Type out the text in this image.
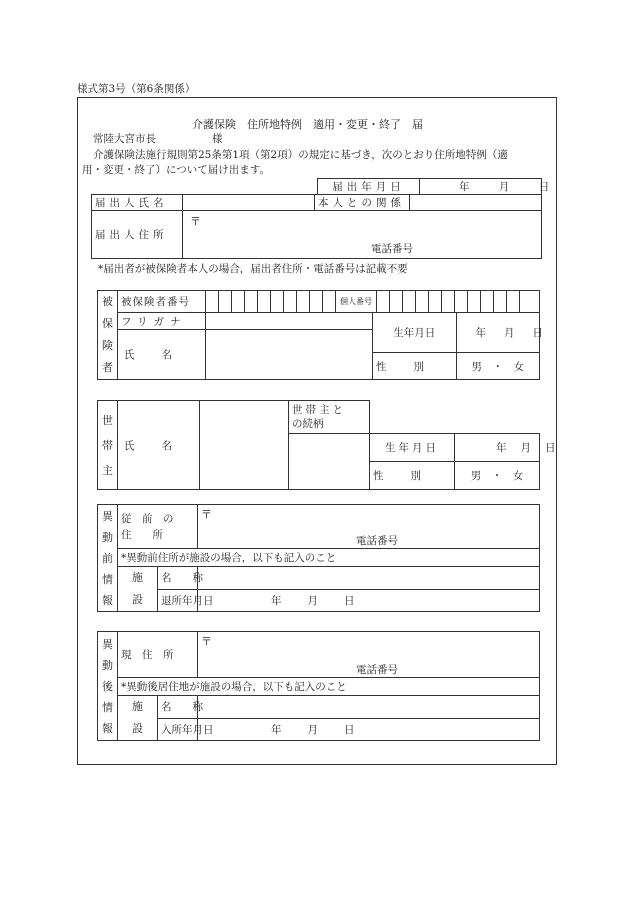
様式第3号（第6条関係）
介護保険　住所地特例　適用・変更・終了　届
常陸大宮市長	様
介護保険法施行規則第25条第1項（第2項）の規定に基づき，次のとおり住所地特例（適
用・変更・終了）について届け出ます。
届出年月日	年	月	日
届出人氏名		本人との関係	
届出人住所	〒
電話番号		
*届出者が被保険者本人の場合，届出者住所・電話番号は記載不要
被
保
険
者	被保険者番号	個人番号		

	フリガナ		生年月日	年 月 日
	氏　　名			
			性　　別	男　・　女
世
帯
主	氏　　名		世帯主と
の続柄		
				生年月日	年 月 日
				性　　別	男　・　女
異
動
前
情
報	従　前　の
住　　所		〒
電話番号

	*異動前住所が施設の場合，以下も記入のこと		
	施
設	名　　称	
		退所年月日	年 月 日
異
動
後
情
報	現　住　所		〒
電話番号

	*異動後居住地が施設の場合，以下も記入のこと		
	施
設	名　　称	
		入所年月日	年 月 日
